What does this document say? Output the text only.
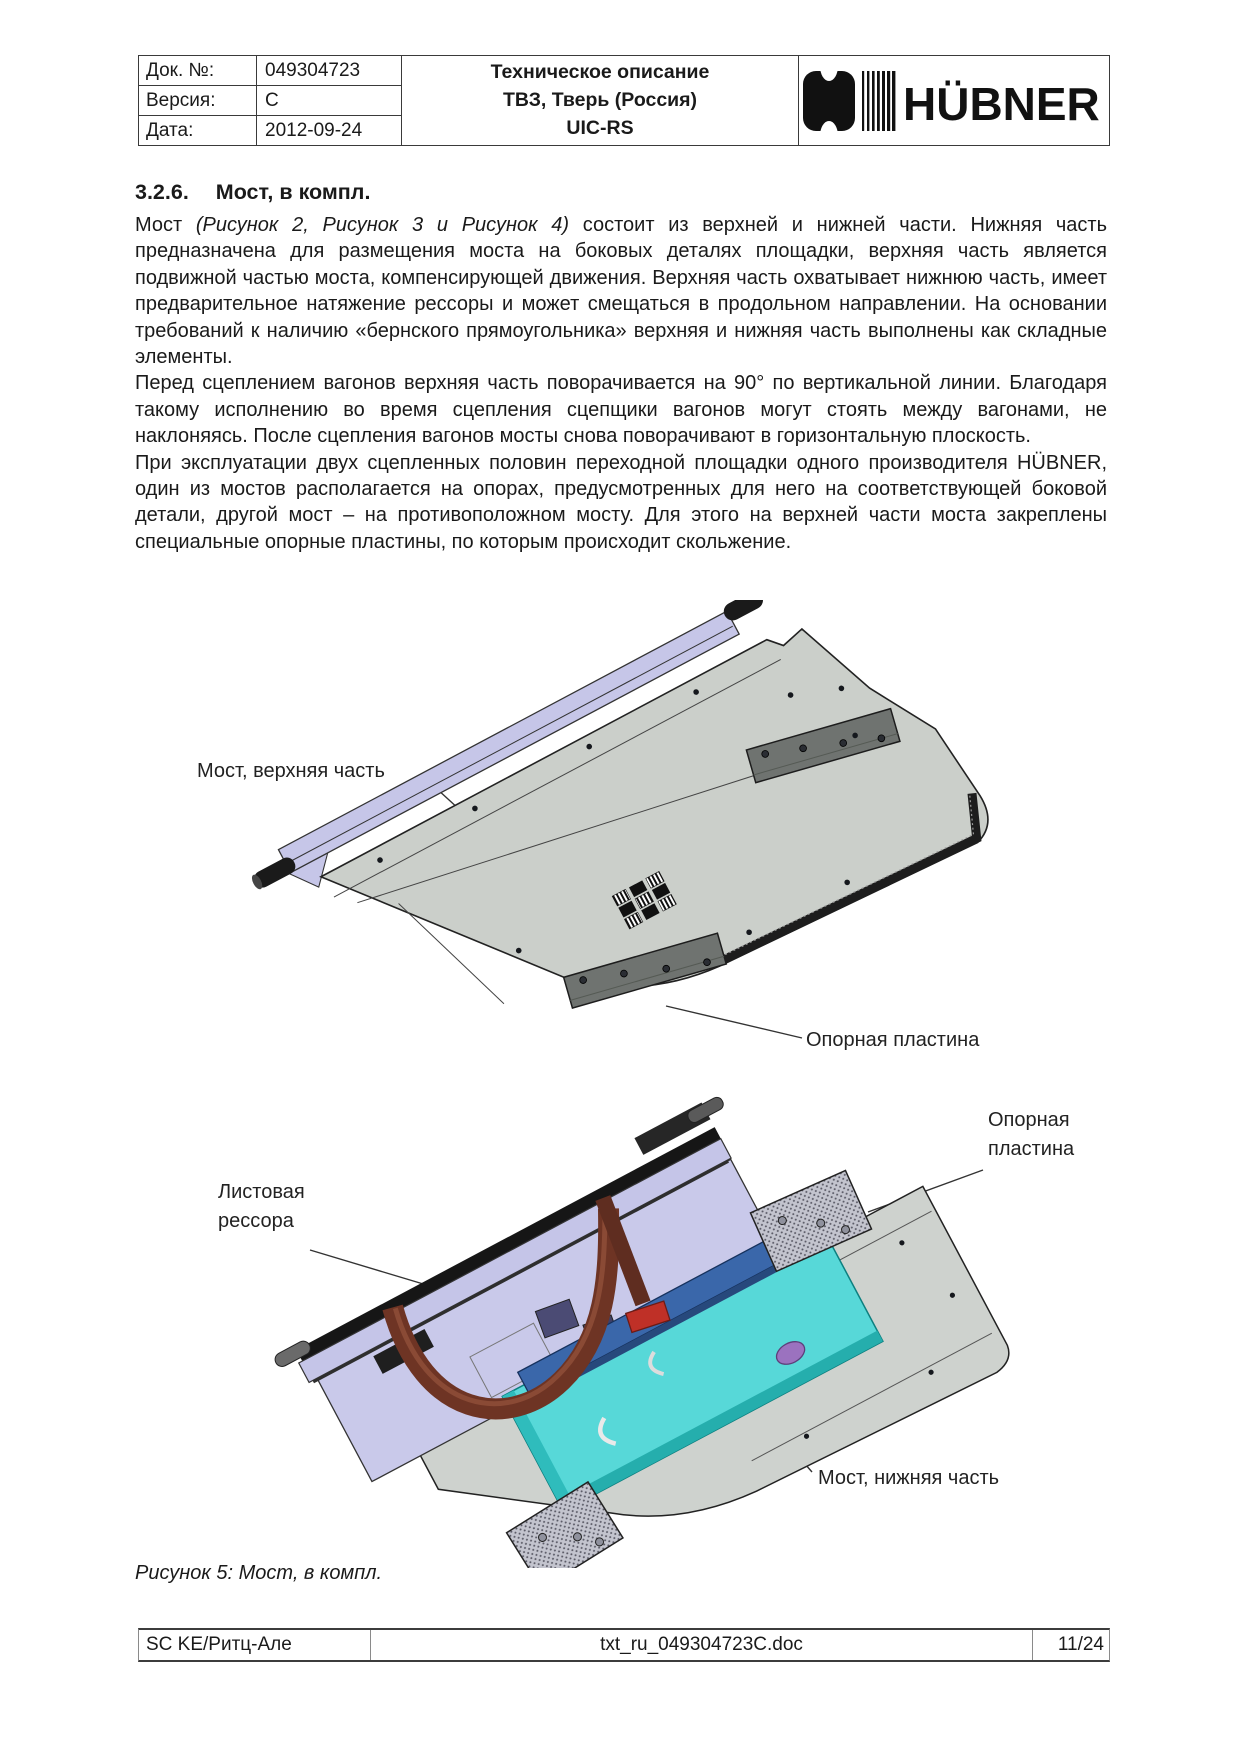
Док. №:	049304723
Версия:	C
Дата:	2012-09-24
Техническое описание
ТВЗ, Тверь (Россия)
UIC-RS	HÜBNER
3.2.6. Мост, в компл.

Мост (Рисунок 2, Рисунок 3 и Рисунок 4) состоит из верхней и нижней части. Нижняя часть предназначена для размещения моста на боковых деталях площадки, верхняя часть является подвижной частью моста, компенсирующей движения. Верхняя часть охватывает нижнюю часть, имеет предварительное натяжение рессоры и может смещаться в продольном направлении. На основании требований к наличию «бернского прямоугольника» верхняя и нижняя часть выполнены как складные элементы.

Перед сцеплением вагонов верхняя часть поворачивается на 90° по вертикальной линии. Благодаря такому исполнению во время сцепления сцепщики вагонов могут стоять между вагонами, не наклоняясь. После сцепления вагонов мосты снова поворачивают в горизонтальную плоскость.

При эксплуатации двух сцепленных половин переходной площадки одного производителя HÜBNER, один из мостов располагается на опорах, предусмотренных для него на соответствующей боковой детали, другой мост – на противоположном мосту. Для этого на верхней части моста закреплены специальные опорные пластины, по которым происходит скольжение.

Мост, верхняя часть
Опорная пластина
Опорная
пластина
Листовая
рессора
Мост, нижняя часть
Рисунок 5: Мост, в компл.
SC KE/Ритц-Але	txt_ru_049304723C.doc	11/24
